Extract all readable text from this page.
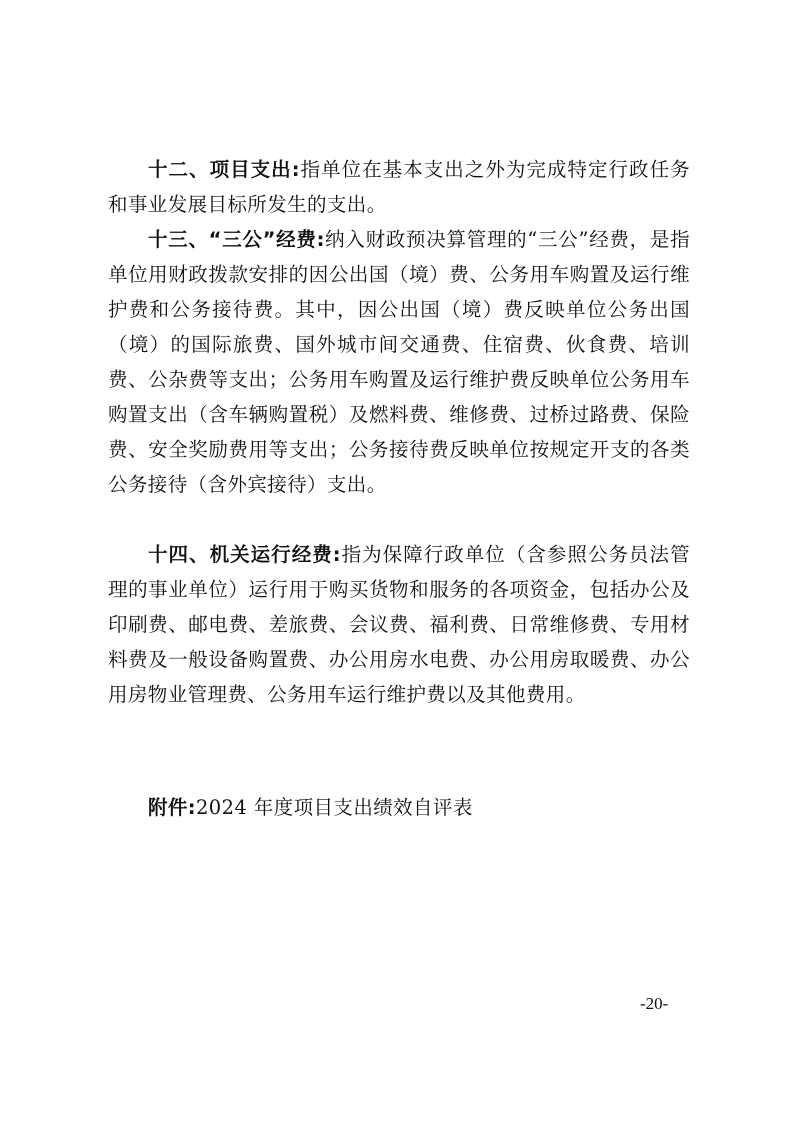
十二、项目支出:指单位在基本支出之外为完成特定行政任务和事业发展目标所发生的支出。

十三、“三公”经费:纳入财政预决算管理的“三公”经费，是指单位用财政拨款安排的因公出国（境）费、公务用车购置及运行维护费和公务接待费。其中，因公出国（境）费反映单位公务出国（境）的国际旅费、国外城市间交通费、住宿费、伙食费、培训费、公杂费等支出；公务用车购置及运行维护费反映单位公务用车购置支出（含车辆购置税）及燃料费、维修费、过桥过路费、保险费、安全奖励费用等支出；公务接待费反映单位按规定开支的各类公务接待（含外宾接待）支出。

十四、机关运行经费:指为保障行政单位（含参照公务员法管理的事业单位）运行用于购买货物和服务的各项资金，包括办公及印刷费、邮电费、差旅费、会议费、福利费、日常维修费、专用材料费及一般设备购置费、办公用房水电费、办公用房取暖费、办公用房物业管理费、公务用车运行维护费以及其他费用。

附件:2024 年度项目支出绩效自评表

-20-
